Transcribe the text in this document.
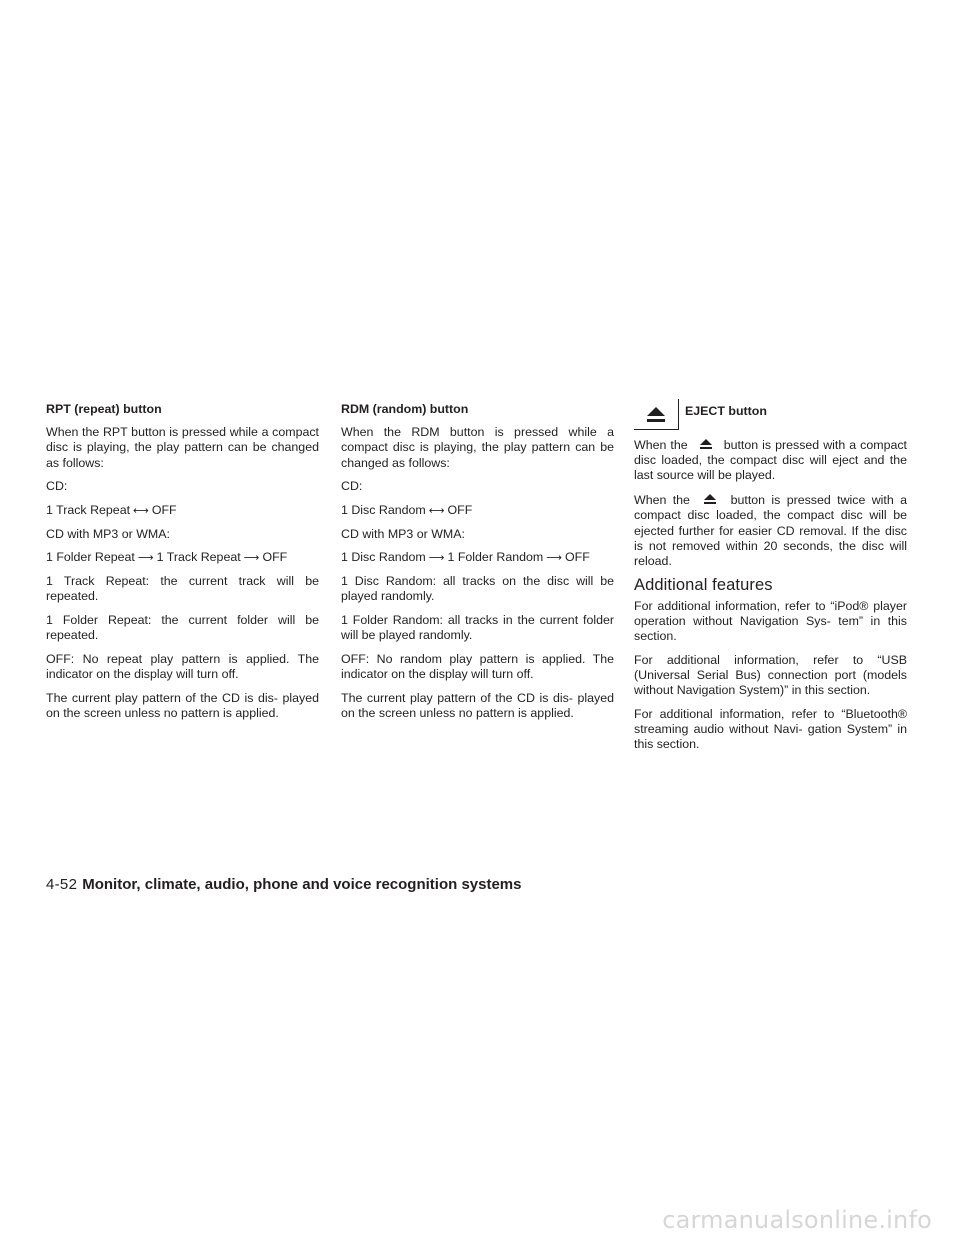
RPT (repeat) button

When the RPT button is pressed while a compact disc is playing, the play pattern can be changed as follows:

CD:

1 Track Repeat ⟷ OFF

CD with MP3 or WMA:

1 Folder Repeat ⟶ 1 Track Repeat ⟶ OFF

1 Track Repeat: the current track will be repeated.

1 Folder Repeat: the current folder will be repeated.

OFF: No repeat play pattern is applied. The indicator on the display will turn off.

The current play pattern of the CD is dis- played on the screen unless no pattern is applied.

RDM (random) button

When the RDM button is pressed while a compact disc is playing, the play pattern can be changed as follows:

CD:

1 Disc Random ⟷ OFF

CD with MP3 or WMA:

1 Disc Random ⟶ 1 Folder Random ⟶ OFF

1 Disc Random: all tracks on the disc will be played randomly.

1 Folder Random: all tracks in the current folder will be played randomly.

OFF: No random play pattern is applied. The indicator on the display will turn off.

The current play pattern of the CD is dis- played on the screen unless no pattern is applied.

EJECT button

When the	button is pressed with a compact disc loaded, the compact disc will eject and the last source will be played.

When the	button is pressed twice with a compact disc loaded, the compact disc will be ejected further for easier CD removal. If the disc is not removed within 20 seconds, the disc will reload.

Additional features

For additional information, refer to “iPod® player operation without Navigation Sys- tem” in this section.

For additional information, refer to “USB (Universal Serial Bus) connection port (models without Navigation System)” in this section.

For additional information, refer to “Bluetooth® streaming audio without Navi- gation System” in this section.

4-52 Monitor, climate, audio, phone and voice recognition systems
carmanualsonline.info
